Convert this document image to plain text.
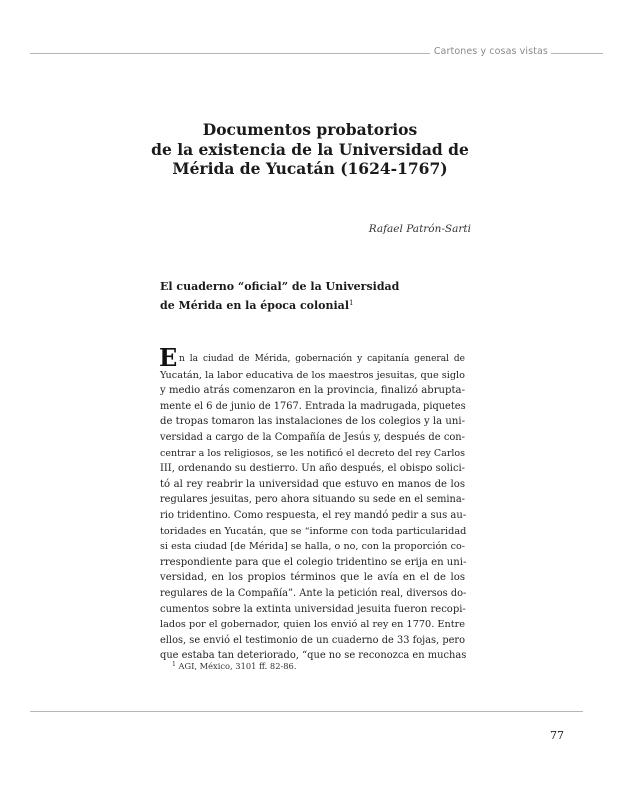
Cartones y cosas vistas
Documentos probatorios
de la existencia de la Universidad de
Mérida de Yucatán (1624-1767)
Rafael Patrón-Sarti
El cuaderno “oficial” de la Universidad
de Mérida en la época colonial$^1$
E n la ciudad de Mérida, gobernación y capitanía general de
Yucatán, la labor educativa de los maestros jesuitas, que siglo
y medio atrás comenzaron en la provincia, finalizó abrupta-
mente el 6 de junio de 1767. Entrada la madrugada, piquetes
de tropas tomaron las instalaciones de los colegios y la uni-
versidad a cargo de la Compañía de Jesús y, después de con-
centrar a los religiosos, se les notificó el decreto del rey Carlos
III, ordenando su destierro. Un año después, el obispo solici-
tó al rey reabrir la universidad que estuvo en manos de los
regulares jesuitas, pero ahora situando su sede en el semina-
rio tridentino. Como respuesta, el rey mandó pedir a sus au-
toridades en Yucatán, que se “informe con toda particularidad
si esta ciudad [de Mérida] se halla, o no, con la proporción co-
rrespondiente para que el colegio tridentino se erija en uni-
versidad, en los propios términos que le avía en el de los
regulares de la Compañía”. Ante la petición real, diversos do-
cumentos sobre la extinta universidad jesuita fueron recopi-
lados por el gobernador, quien los envió al rey en 1770. Entre
ellos, se envió el testimonio de un cuaderno de 33 fojas, pero
que estaba tan deteriorado, “que no se reconozca en muchas
$^1$ AGI, México, 3101 ff. 82-86.
77
